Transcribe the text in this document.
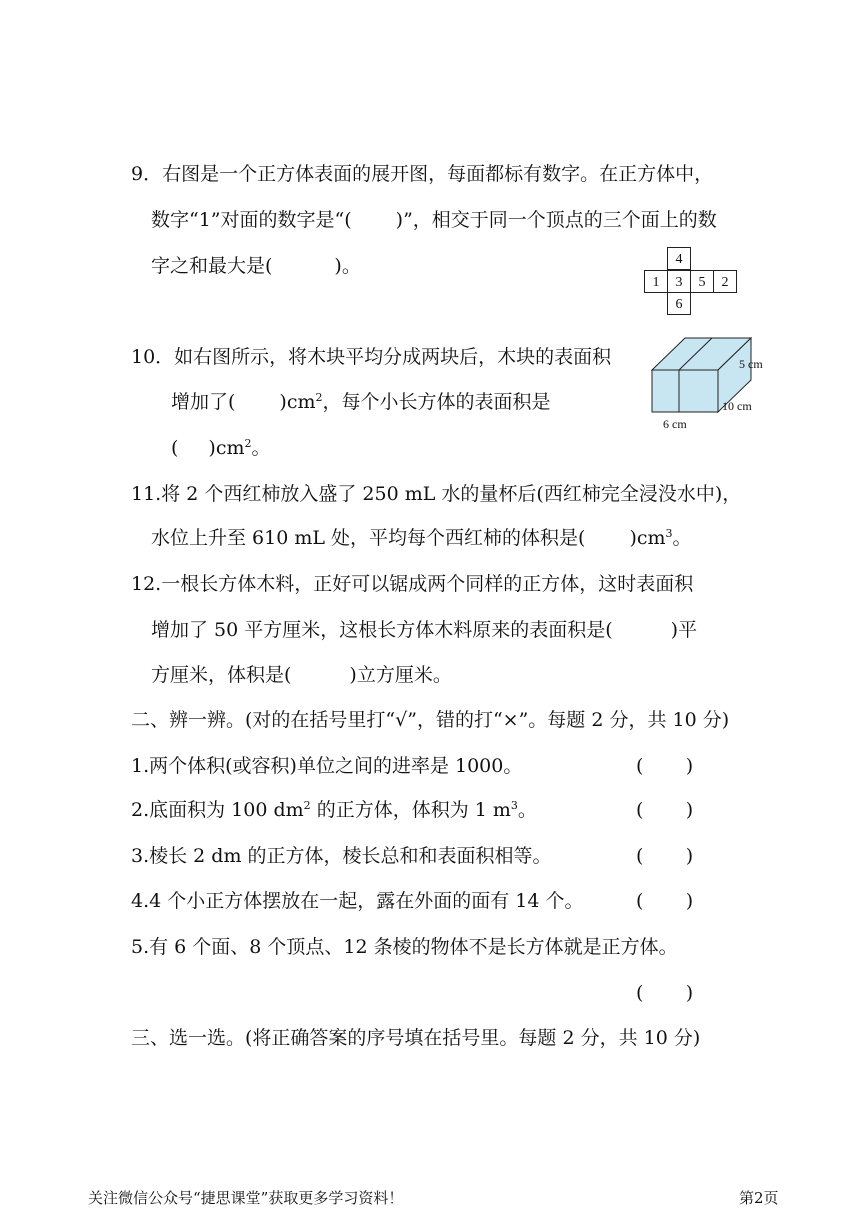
9．右图是一个正方体表面的展开图，每面都标有数字。在正方体中，
数字“1”对面的数字是“( )”，相交于同一个顶点的三个面上的数
字之和最大是(	)。	4
1 3 5 2
6
10．如右图所示，将木块平均分成两块后，木块的表面积
增加了( )$cm^2$，每个小长方体的表面积是
( )$cm^2$。
5 cm
10 cm
6 cm
11.将 2 个西红柿放入盛了 250 mL 水的量杯后(西红柿完全浸没水中)，
水位上升至 610 mL 处，平均每个西红柿的体积是( )$cm^3$。
12.一根长方体木料，正好可以锯成两个同样的正方体，这时表面积
增加了 50 平方厘米，这根长方体木料原来的表面积是(	)平
方厘米，体积是(	)立方厘米。
二、辨一辨。(对的在括号里打“√”，错的打“×”。每题 2 分，共 10 分)
1.两个体积(或容积)单位之间的进率是 1000。	(       )
2.底面积为 100 $dm^2$ 的正方体，体积为 1 $m^3$。	(       )
3.棱长 2 dm 的正方体，棱长总和和表面积相等。	(       )
4.4 个小正方体摆放在一起，露在外面的面有 14 个。	(       )
5.有 6 个面、8 个顶点、12 条棱的物体不是长方体就是正方体。
(       )
三、选一选。(将正确答案的序号填在括号里。每题 2 分，共 10 分)
关注微信公众号“捷思课堂”获取更多学习资料！	第2页
